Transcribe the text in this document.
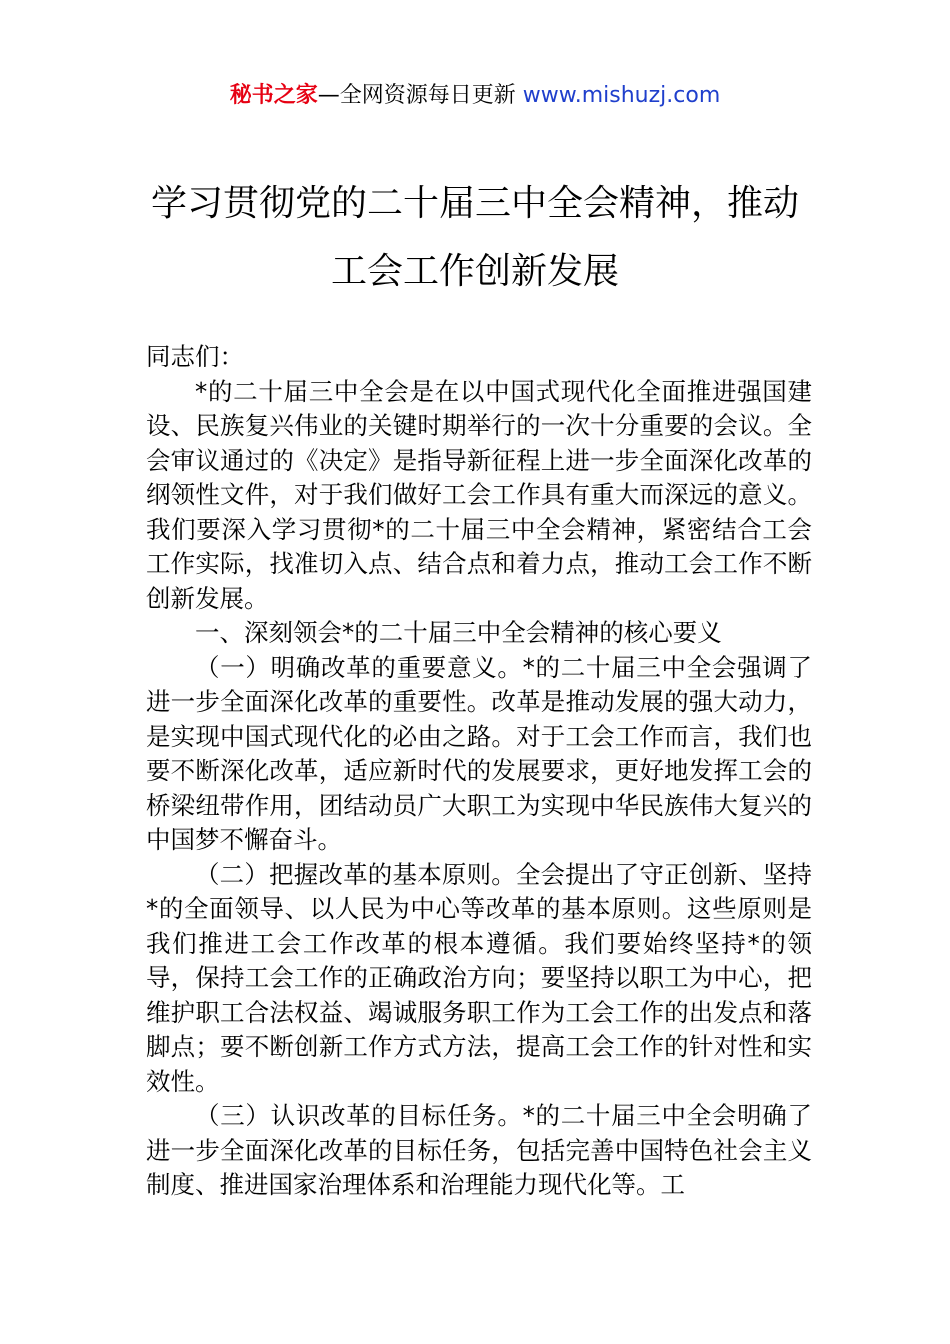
秘书之家—全网资源每日更新 www.mishuzj.com
学习贯彻党的二十届三中全会精神，推动
工会工作创新发展

同志们：

*的二十届三中全会是在以中国式现代化全面推进强国建设、民族复兴伟业的关键时期举行的一次十分重要的会议。全会审议通过的《决定》是指导新征程上进一步全面深化改革的纲领性文件，对于我们做好工会工作具有重大而深远的意义。我们要深入学习贯彻*的二十届三中全会精神，紧密结合工会工作实际，找准切入点、结合点和着力点，推动工会工作不断创新发展。

一、深刻领会*的二十届三中全会精神的核心要义

（一）明确改革的重要意义。*的二十届三中全会强调了进一步全面深化改革的重要性。改革是推动发展的强大动力，是实现中国式现代化的必由之路。对于工会工作而言，我们也要不断深化改革，适应新时代的发展要求，更好地发挥工会的桥梁纽带作用，团结动员广大职工为实现中华民族伟大复兴的中国梦不懈奋斗。

（二）把握改革的基本原则。全会提出了守正创新、坚持*的全面领导、以人民为中心等改革的基本原则。这些原则是我们推进工会工作改革的根本遵循。我们要始终坚持*的领导，保持工会工作的正确政治方向；要坚持以职工为中心，把维护职工合法权益、竭诚服务职工作为工会工作的出发点和落脚点；要不断创新工作方式方法，提高工会工作的针对性和实效性。

（三）认识改革的目标任务。*的二十届三中全会明确了进一步全面深化改革的目标任务，包括完善中国特色社会主义制度、推进国家治理体系和治理能力现代化等。工
